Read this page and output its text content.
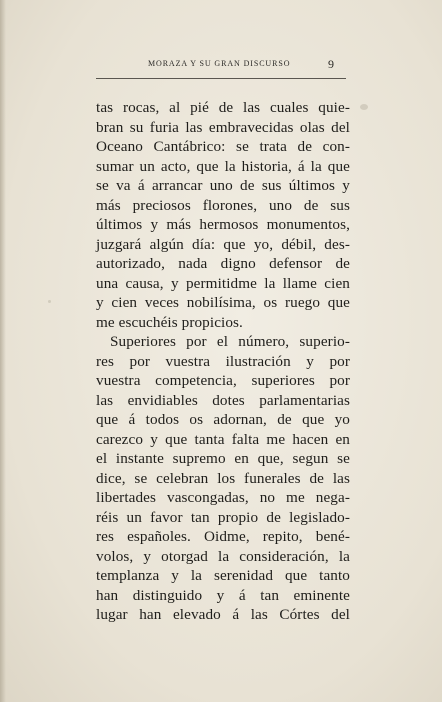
MORAZA Y SU GRAN DISCURSO	9
tas rocas, al pié de las cuales quie-
bran su furia las embravecidas olas del
Oceano Cantábrico: se trata de con-
sumar un acto, que la historia, á la que
se va á arrancar uno de sus últimos y
más preciosos florones, uno de sus
últimos y más hermosos monumentos,
juzgará algún día: que yo, débil, des-
autorizado, nada digno defensor de
una causa, y permitidme la llame cien
y cien veces nobilísima, os ruego que
me escuchéis propicios.
Superiores por el número, superio-
res por vuestra ilustración y por
vuestra competencia, superiores por
las envidiables dotes parlamentarias
que á todos os adornan, de que yo
carezco y que tanta falta me hacen en
el instante supremo en que, segun se
dice, se celebran los funerales de las
libertades vascongadas, no me nega-
réis un favor tan propio de legislado-
res españoles. Oidme, repito, bené-
volos, y otorgad la consideración, la
templanza y la serenidad que tanto
han distinguido y á tan eminente
lugar han elevado á las Córtes del
